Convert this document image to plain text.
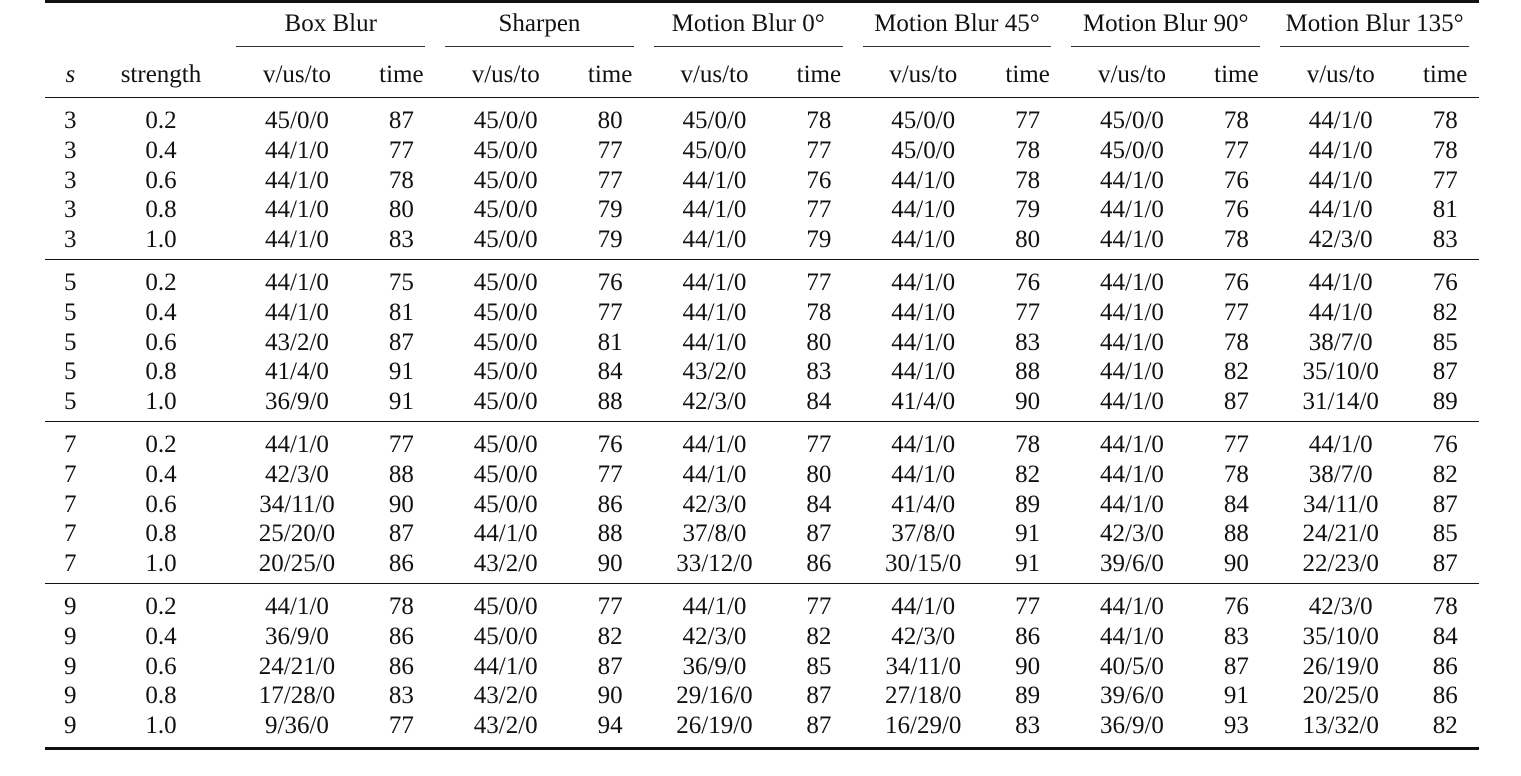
		Box Blur		Sharpen		Motion Blur 0°		Motion Blur 45°		Motion Blur 90°		Motion Blur 135°	

s	strength	v/us/to	time	v/us/to	time	v/us/to	time	v/us/to	time	v/us/to	time	v/us/to	time
3	0.2	45/0/0	87	45/0/0	80	45/0/0	78	45/0/0	77	45/0/0	78	44/1/0	78
3	0.4	44/1/0	77	45/0/0	77	45/0/0	77	45/0/0	78	45/0/0	77	44/1/0	78
3	0.6	44/1/0	78	45/0/0	77	44/1/0	76	44/1/0	78	44/1/0	76	44/1/0	77
3	0.8	44/1/0	80	45/0/0	79	44/1/0	77	44/1/0	79	44/1/0	76	44/1/0	81
3	1.0	44/1/0	83	45/0/0	79	44/1/0	79	44/1/0	80	44/1/0	78	42/3/0	83
5	0.2	44/1/0	75	45/0/0	76	44/1/0	77	44/1/0	76	44/1/0	76	44/1/0	76
5	0.4	44/1/0	81	45/0/0	77	44/1/0	78	44/1/0	77	44/1/0	77	44/1/0	82
5	0.6	43/2/0	87	45/0/0	81	44/1/0	80	44/1/0	83	44/1/0	78	38/7/0	85
5	0.8	41/4/0	91	45/0/0	84	43/2/0	83	44/1/0	88	44/1/0	82	35/10/0	87
5	1.0	36/9/0	91	45/0/0	88	42/3/0	84	41/4/0	90	44/1/0	87	31/14/0	89
7	0.2	44/1/0	77	45/0/0	76	44/1/0	77	44/1/0	78	44/1/0	77	44/1/0	76
7	0.4	42/3/0	88	45/0/0	77	44/1/0	80	44/1/0	82	44/1/0	78	38/7/0	82
7	0.6	34/11/0	90	45/0/0	86	42/3/0	84	41/4/0	89	44/1/0	84	34/11/0	87
7	0.8	25/20/0	87	44/1/0	88	37/8/0	87	37/8/0	91	42/3/0	88	24/21/0	85
7	1.0	20/25/0	86	43/2/0	90	33/12/0	86	30/15/0	91	39/6/0	90	22/23/0	87
9	0.2	44/1/0	78	45/0/0	77	44/1/0	77	44/1/0	77	44/1/0	76	42/3/0	78
9	0.4	36/9/0	86	45/0/0	82	42/3/0	82	42/3/0	86	44/1/0	83	35/10/0	84
9	0.6	24/21/0	86	44/1/0	87	36/9/0	85	34/11/0	90	40/5/0	87	26/19/0	86
9	0.8	17/28/0	83	43/2/0	90	29/16/0	87	27/18/0	89	39/6/0	91	20/25/0	86
9	1.0	9/36/0	77	43/2/0	94	26/19/0	87	16/29/0	83	36/9/0	93	13/32/0	82
